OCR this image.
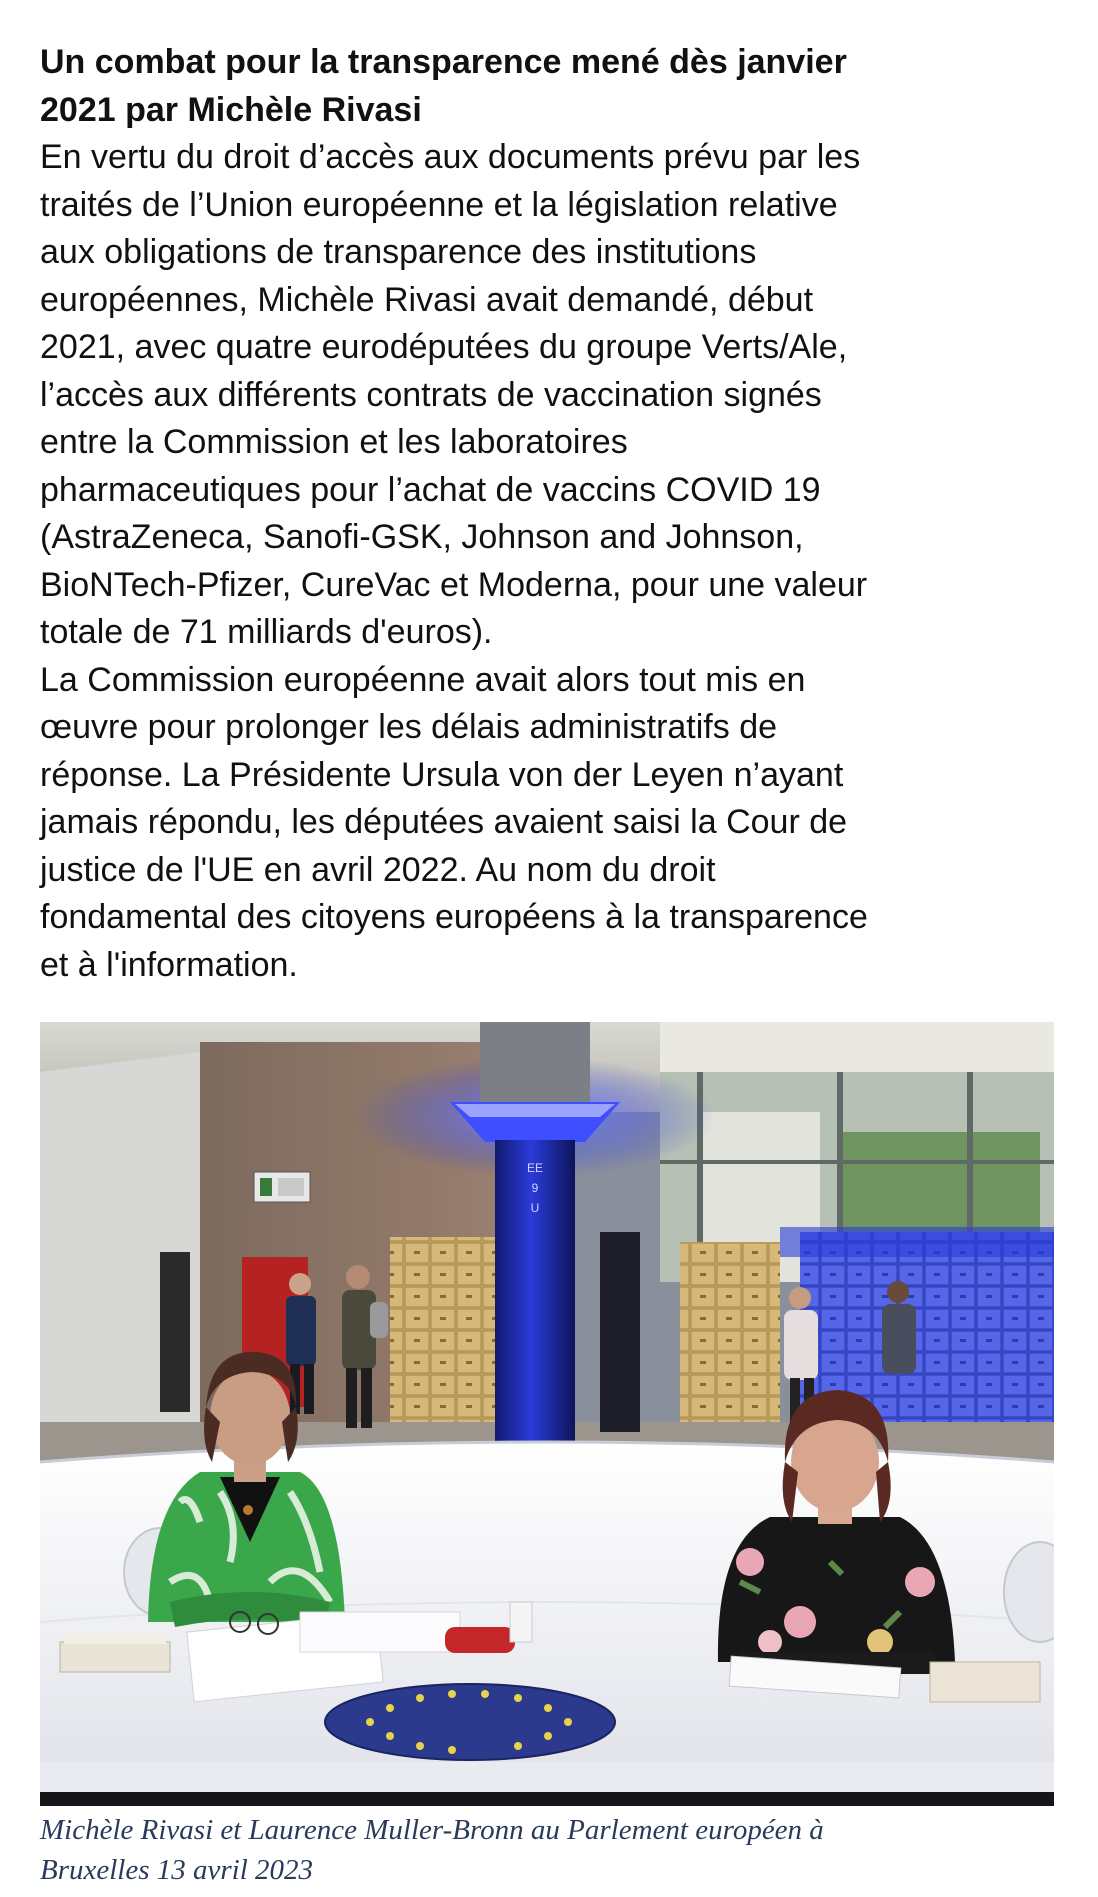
Un combat pour la transparence mené dès janvier
2021 par Michèle Rivasi

En vertu du droit d’accès aux documents prévu par les
traités de l’Union européenne et la législation relative
aux obligations de transparence des institutions
européennes, Michèle Rivasi avait demandé, début
2021, avec quatre eurodéputées du groupe Verts/Ale,
l’accès aux différents contrats de vaccination signés
entre la Commission et les laboratoires
pharmaceutiques pour l’achat de vaccins COVID 19
(AstraZeneca, Sanofi-GSK, Johnson and Johnson,
BioNTech-Pfizer, CureVac et Moderna, pour une valeur
totale de 71 milliards d'euros).

La Commission européenne avait alors tout mis en
œuvre pour prolonger les délais administratifs de
réponse. La Présidente Ursula von der Leyen n’ayant
jamais répondu, les députées avaient saisi la Cour de
justice de l'UE en avril 2022. Au nom du droit
fondamental des citoyens européens à la transparence
et à l'information.

EE
9
U

Michèle Rivasi et Laurence Muller-Bronn au Parlement européen à
Bruxelles 13 avril 2023
